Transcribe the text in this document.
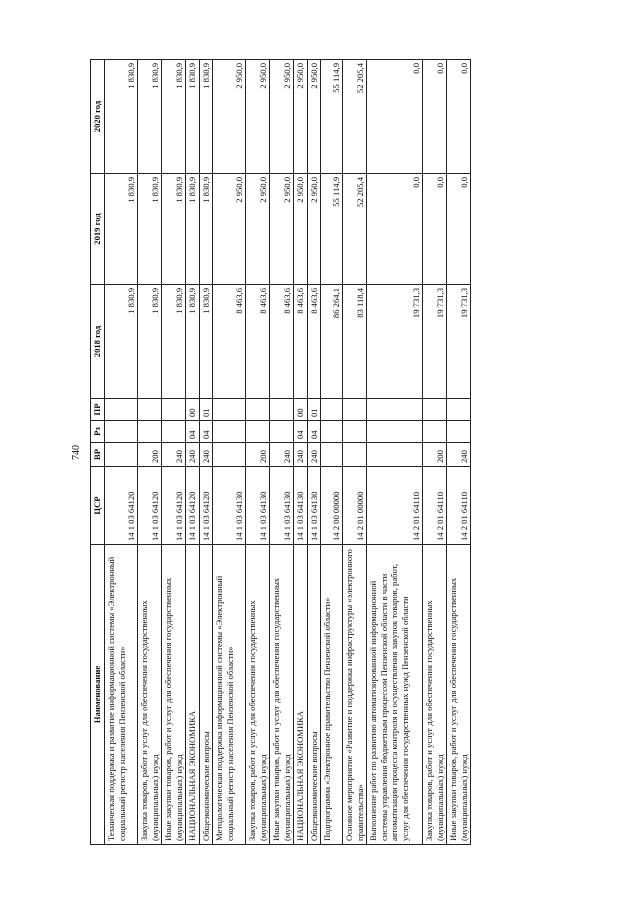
740
Наименование	ЦСР	ВР	Рз	ПР	2018 год	2019 год	2020 год
Техническая поддержка и развитие информационной системы «Электронный социальный регистр населения Пензенской области»	14 1 03 64120				1 830,9	1 830,9	1 830,9
Закупка товаров, работ и услуг для обеспечения государственных (муниципальных) нужд	14 1 03 64120	200			1 830,9	1 830,9	1 830,9
Иные закупки товаров, работ и услуг для обеспечения государственных (муниципальных) нужд	14 1 03 64120	240			1 830,9	1 830,9	1 830,9
НАЦИОНАЛЬНАЯ ЭКОНОМИКА	14 1 03 64120	240	04	00	1 830,9	1 830,9	1 830,9
Общеэкономические вопросы	14 1 03 64120	240	04	01	1 830,9	1 830,9	1 830,9
Методологическая поддержка информационной системы «Электронный социальный регистр населения Пензенской области»	14 1 03 64130				8 463,6	2 950,0	2 950,0
Закупка товаров, работ и услуг для обеспечения государственных (муниципальных) нужд	14 1 03 64130	200			8 463,6	2 950,0	2 950,0
Иные закупки товаров, работ и услуг для обеспечения государственных (муниципальных) нужд	14 1 03 64130	240			8 463,6	2 950,0	2 950,0
НАЦИОНАЛЬНАЯ ЭКОНОМИКА	14 1 03 64130	240	04	00	8 463,6	2 950,0	2 950,0
Общеэкономические вопросы	14 1 03 64130	240	04	01	8 463,6	2 950,0	2 950,0
Подпрограмма «Электронное правительство Пензенской области»	14 2 00 00000				86 264,1	55 114,9	55 114,9
Основное мероприятие «Развитие и поддержка инфраструктуры «электронного правительства»	14 2 01 00000				83 118,4	52 205,4	52 205,4
Выполнение работ по развитию автоматизированной информационной системы управления бюджетным процессом Пензенской области в части автоматизации процесса контроля и осуществления закупок товаров, работ, услуг для обеспечения государственных нужд Пензенской области	14 2 01 64110				19 731,3	0,0	0,0
Закупка товаров, работ и услуг для обеспечения государственных (муниципальных) нужд	14 2 01 64110	200			19 731,3	0,0	0,0
Иные закупки товаров, работ и услуг для обеспечения государственных (муниципальных) нужд	14 2 01 64110	240			19 731,3	0,0	0,0
